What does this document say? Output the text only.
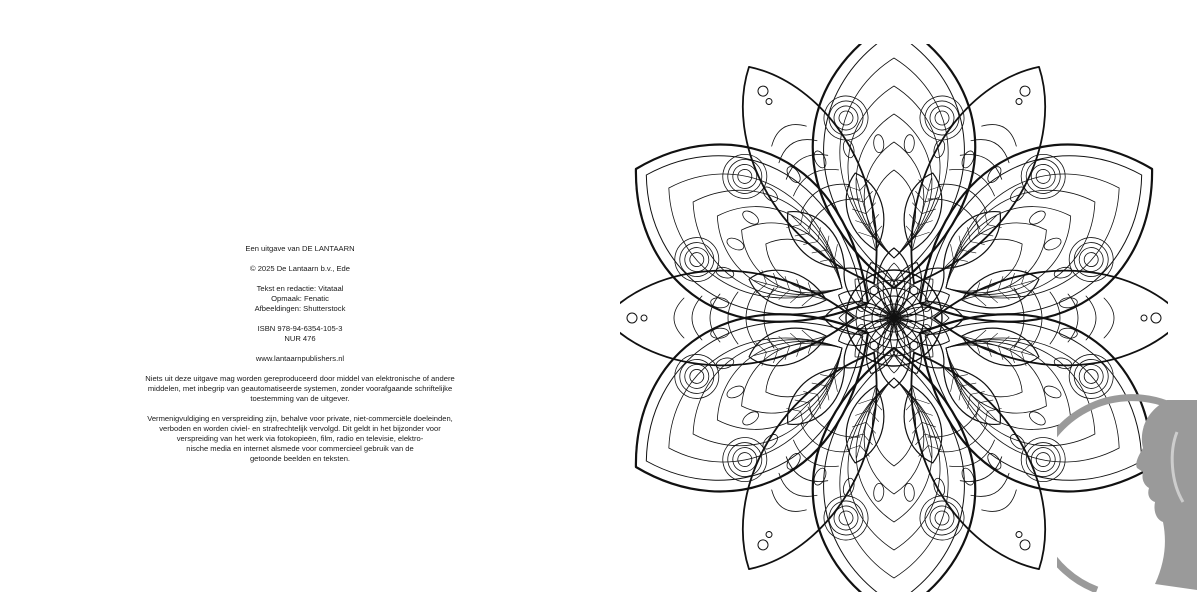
Een uitgave van DE LANTAARN

© 2025 De Lantaarn b.v., Ede

Tekst en redactie: Vitataal
Opmaak: Fenatic
Afbeeldingen: Shutterstock

ISBN 978-94-6354-105-3
NUR 476

www.lantaarnpublishers.nl

Niets uit deze uitgave mag worden gereproduceerd door middel van elektronische of andere
middelen, met inbegrip van geautomatiseerde systemen, zonder voorafgaande schriftelijke
toestemming van de uitgever.

Vermenigvuldiging en verspreiding zijn, behalve voor private, niet-commerciële doeleinden,
verboden en worden civiel- en strafrechtelijk vervolgd. Dit geldt in het bijzonder voor
verspreiding van het werk via fotokopieën, film, radio en televisie, elektro-
nische media en internet alsmede voor commercieel gebruik van de
getoonde beelden en teksten.
